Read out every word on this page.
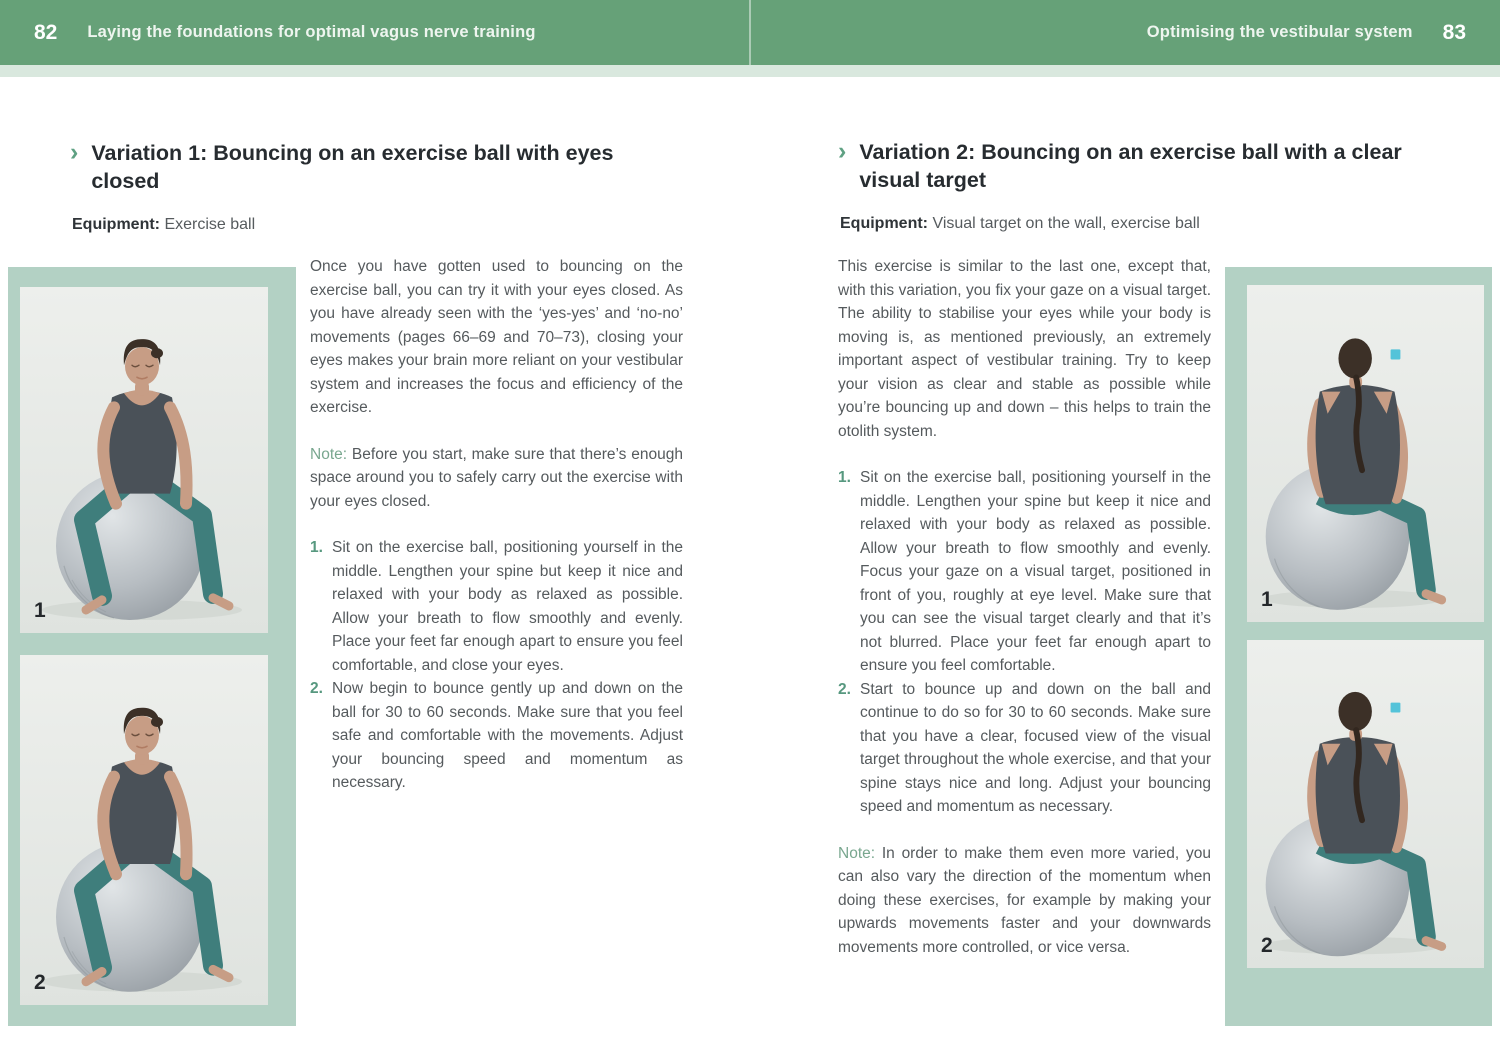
82 Laying the foundations for optimal vagus nerve training	Optimising the vestibular system 83
› Variation 1: Bouncing on an exercise ball with eyes closed
Equipment: Exercise ball
1
2

Once you have gotten used to bouncing on the exercise ball, you can try it with your eyes closed. As you have already seen with the ‘yes-yes’ and ‘no-no’ movements (pages 66–69 and 70–73), closing your eyes makes your brain more reliant on your vestibular system and increases the focus and efficiency of the exercise.

Note: Before you start, make sure that there’s enough space around you to safely carry out the exercise with your eyes closed.

1. Sit on the exercise ball, positioning yourself in the middle. Lengthen your spine but keep it nice and relaxed with your body as relaxed as possible. Allow your breath to flow smoothly and evenly. Place your feet far enough apart to ensure you feel comfortable, and close your eyes.
2. Now begin to bounce gently up and down on the ball for 30 to 60 seconds. Make sure that you feel safe and comfortable with the movements. Adjust your bouncing speed and momentum as necessary.
› Variation 2: Bouncing on an exercise ball with a clear visual target
Equipment: Visual target on the wall, exercise ball

This exercise is similar to the last one, except that, with this variation, you fix your gaze on a visual target. The ability to stabilise your eyes while your body is moving is, as mentioned previously, an extremely important aspect of vestibular training. Try to keep your vision as clear and stable as possible while you’re bouncing up and down – this helps to train the otolith system.

1. Sit on the exercise ball, positioning yourself in the middle. Lengthen your spine but keep it nice and relaxed with your body as relaxed as possible. Allow your breath to flow smoothly and evenly. Focus your gaze on a visual target, positioned in front of you, roughly at eye level. Make sure that you can see the visual target clearly and that it’s not blurred. Place your feet far enough apart to ensure you feel comfortable.
2. Start to bounce up and down on the ball and continue to do so for 30 to 60 seconds. Make sure that you have a clear, focused view of the visual target throughout the whole exercise, and that your spine stays nice and long. Adjust your bouncing speed and momentum as necessary.

Note: In order to make them even more varied, you can also vary the direction of the momentum when doing these exercises, for example by making your upwards movements faster and your downwards movements more controlled, or vice versa.

1
2
